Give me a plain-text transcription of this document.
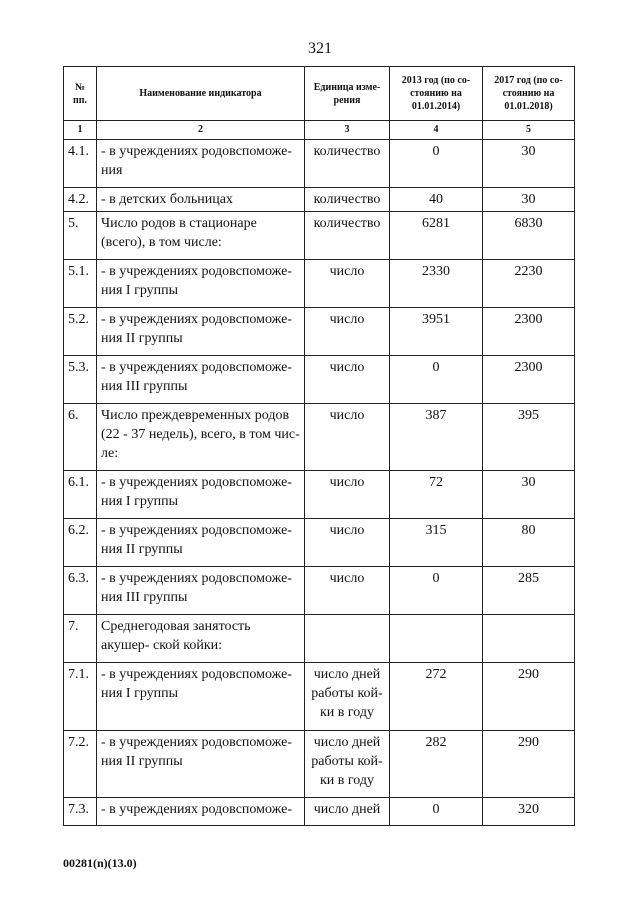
321
№ пп.	Наименование индикатора	Единица изме- рения	2013 год (по со- стоянию на 01.01.2014)	2017 год (по со- стоянию на 01.01.2018)
1	2	3	4	5
4.1.	- в учреждениях родовспоможе- ния	количество	0	30
4.2.	- в детских больницах	количество	40	30
5.	Число родов в стационаре (всего), в том числе:	количество	6281	6830
5.1.	- в учреждениях родовспоможе- ния I группы	число	2330	2230
5.2.	- в учреждениях родовспоможе- ния II группы	число	3951	2300
5.3.	- в учреждениях родовспоможе- ния III группы	число	0	2300
6.	Число преждевременных родов (22 - 37 недель), всего, в том чис- ле:	число	387	395
6.1.	- в учреждениях родовспоможе- ния I группы	число	72	30
6.2.	- в учреждениях родовспоможе- ния II группы	число	315	80
6.3.	- в учреждениях родовспоможе- ния III группы	число	0	285
7.	Среднегодовая занятость акушер- ской койки:			
7.1.	- в учреждениях родовспоможе- ния I группы	число дней работы кой- ки в году	272	290
7.2.	- в учреждениях родовспоможе- ния II группы	число дней работы кой- ки в году	282	290
7.3.	- в учреждениях родовспоможе-	число дней	0	320
00281(n)(13.0)
